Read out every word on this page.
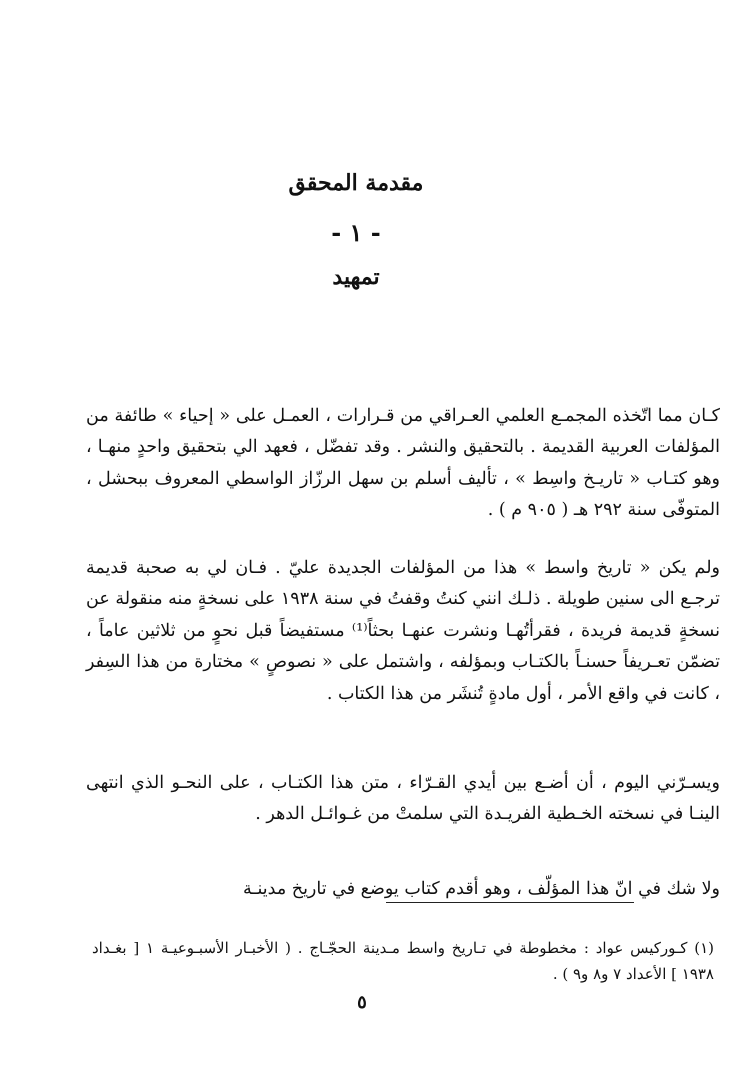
مقدمة المحقق
- ١ -
تمهيد

كـان مما اتّخذه المجمـع العلمي العـراقي من قـرارات ، العمـل على « إحياء » طائفة من المؤلفات العربية القديمة . بالتحقيق والنشر . وقد تفضّل ، فعهد الي بتحقيق واحدٍ منهـا ، وهو كتـاب « تاريـخ واسِط » ، تأليف أسلم بن سهل الرزّاز الواسطي المعروف ببحشل ، المتوفّى سنة ٢٩٢ هـ ( ٩٠٥ م ) .

ولم يكن « تاريخ واسط » هذا من المؤلفات الجديدة عليّ . فـان لي به صحبة قديمة ترجـع الى سنين طويلة . ذلـك انني كنتُ وقفتُ في سنة ١٩٣٨ على نسخةٍ منه منقولة عن نسخةٍ قديمة فريدة ، فقرأتُهـا ونشرت عنهـا بحثاً⁽¹⁾ مستفيضاً قبل نحوٍ من ثلاثين عاماً ، تضمّن تعـريفاً حسنـاً بالكتـاب وبمؤلفه ، واشتمل على « نصوصٍ » مختارة من هذا السِفر ، كانت في واقع الأمر ، أول مادةٍ تُنشَر من هذا الكتاب .

ويسـرّني اليوم ، أن أضـع بين أيدي القـرّاء ، متن هذا الكتـاب ، على النحـو الذي انتهى الينـا في نسخته الخـطية الفريـدة التي سلمتْ من غـوائـل الدهر .

ولا شك في انّ هذا المؤلّف ، وهو أقدم كتاب يوضع في تاريخ مدينـة

(١) كـوركيس عواد : مخطوطة في تـاريخ واسط مـدينة الحجّـاج . ( الأخبـار الأسبـوعيـة ١ [ بغـداد ١٩٣٨ ] الأعداد ٧ و٨ و٩ ) .

٥
